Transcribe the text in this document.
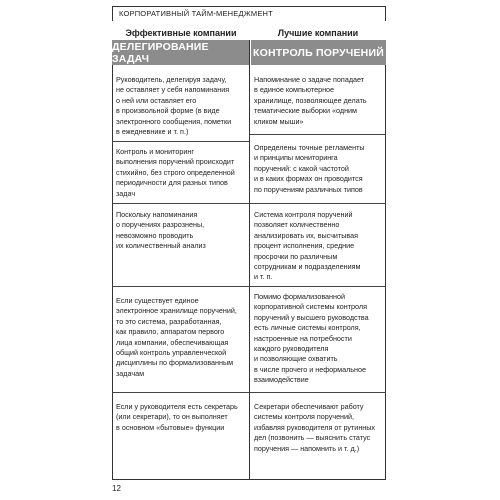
КОРПОРАТИВНЫЙ ТАЙМ-МЕНЕДЖМЕНТ
Эффективные компании	Лучшие компании
ДЕЛЕГИРОВАНИЕ ЗАДАЧ	КОНТРОЛЬ ПОРУЧЕНИЙ
Руководитель, делегируя задачу,
не оставляет у себя напоминания
о ней или оставляет его
в произвольной форме (в виде
электронного сообщения, пометки
в ежедневнике и т. п.)
Напоминание о задаче попадает
в единое компьютерное
хранилище, позволяющее делать
тематические выборки «одним
кликом мыши»
Контроль и мониторинг
выполнения поручений происходит
стихийно, без строго определенной
периодичности для разных типов
задач
Определены точные регламенты
и принципы мониторинга
поручений: с какой частотой
и в каких формах он проводится
по поручениям различных типов
Поскольку напоминания
о поручениях разрознены,
невозможно проводить
их количественный анализ
Система контроля поручений
позволяет количественно
анализировать их, высчитывая
процент исполнения, средние
просрочки по различным
сотрудникам и подразделениям
и т. п.
Если существует единое
электронное хранилище поручений,
то это система, разработанная,
как правило, аппаратом первого
лица компании, обеспечивающая
общий контроль управленческой
дисциплины по формализованным
задачам
Помимо формализованной
корпоративной системы контроля
поручений у высшего руководства
есть личные системы контроля,
настроенные на потребности
каждого руководителя
и позволяющие охватить
в числе прочего и неформальное
взаимодействие
Если у руководителя есть секретарь
(или секретари), то он выполняет
в основном «бытовые» функции
Секретари обеспечивают работу
системы контроля поручений,
избавляя руководителя от рутинных
дел (позвонить — выяснить статус
поручения — напомнить и т. д.)
12
